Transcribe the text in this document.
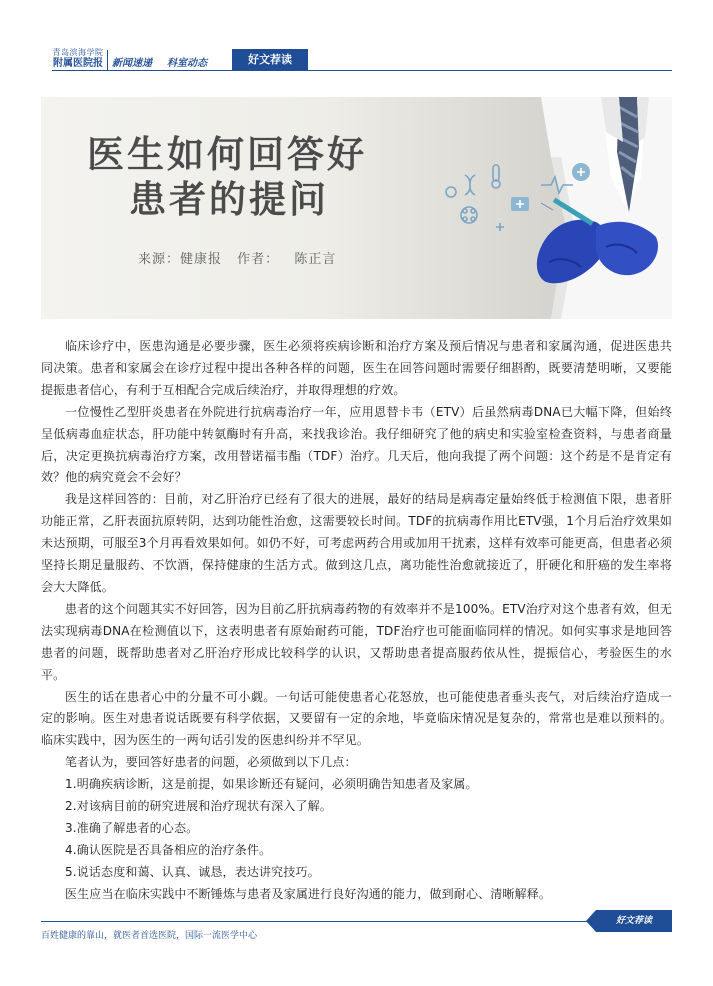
青岛滨海学院
附属医院报 新闻速递 科室动态	好文荐读
医生如何回答好
患者的提问
来源：健康报 作者： 陈正言

临床诊疗中，医患沟通是必要步骤，医生必须将疾病诊断和治疗方案及预后情况与患者和家属沟通，促进医患共同决策。患者和家属会在诊疗过程中提出各种各样的问题，医生在回答问题时需要仔细斟酌，既要清楚明晰，又要能提振患者信心，有利于互相配合完成后续治疗，并取得理想的疗效。

一位慢性乙型肝炎患者在外院进行抗病毒治疗一年，应用恩替卡韦（ETV）后虽然病毒DNA已大幅下降，但始终呈低病毒血症状态，肝功能中转氨酶时有升高，来找我诊治。我仔细研究了他的病史和实验室检查资料，与患者商量后，决定更换抗病毒治疗方案，改用替诺福韦酯（TDF）治疗。几天后，他向我提了两个问题：这个药是不是肯定有效？他的病究竟会不会好？

我是这样回答的：目前，对乙肝治疗已经有了很大的进展，最好的结局是病毒定量始终低于检测值下限，患者肝功能正常，乙肝表面抗原转阴，达到功能性治愈，这需要较长时间。TDF的抗病毒作用比ETV强，1个月后治疗效果如未达预期，可服至3个月再看效果如何。如仍不好，可考虑两药合用或加用干扰素，这样有效率可能更高，但患者必须坚持长期足量服药、不饮酒，保持健康的生活方式。做到这几点，离功能性治愈就接近了，肝硬化和肝癌的发生率将会大大降低。

患者的这个问题其实不好回答，因为目前乙肝抗病毒药物的有效率并不是100%。ETV治疗对这个患者有效，但无法实现病毒DNA在检测值以下，这表明患者有原始耐药可能，TDF治疗也可能面临同样的情况。如何实事求是地回答患者的问题，既帮助患者对乙肝治疗形成比较科学的认识，又帮助患者提高服药依从性，提振信心，考验医生的水平。

医生的话在患者心中的分量不可小觑。一句话可能使患者心花怒放，也可能使患者垂头丧气，对后续治疗造成一定的影响。医生对患者说话既要有科学依据，又要留有一定的余地，毕竟临床情况是复杂的，常常也是难以预料的。临床实践中，因为医生的一两句话引发的医患纠纷并不罕见。

笔者认为，要回答好患者的问题，必须做到以下几点：

1.明确疾病诊断，这是前提，如果诊断还有疑问，必须明确告知患者及家属。

2.对该病目前的研究进展和治疗现状有深入了解。

3.准确了解患者的心态。

4.确认医院是否具备相应的治疗条件。

5.说话态度和蔼、认真、诚恳，表达讲究技巧。

医生应当在临床实践中不断锤炼与患者及家属进行良好沟通的能力，做到耐心、清晰解释。

好文荐读
百姓健康的靠山，就医者首选医院，国际一流医学中心
